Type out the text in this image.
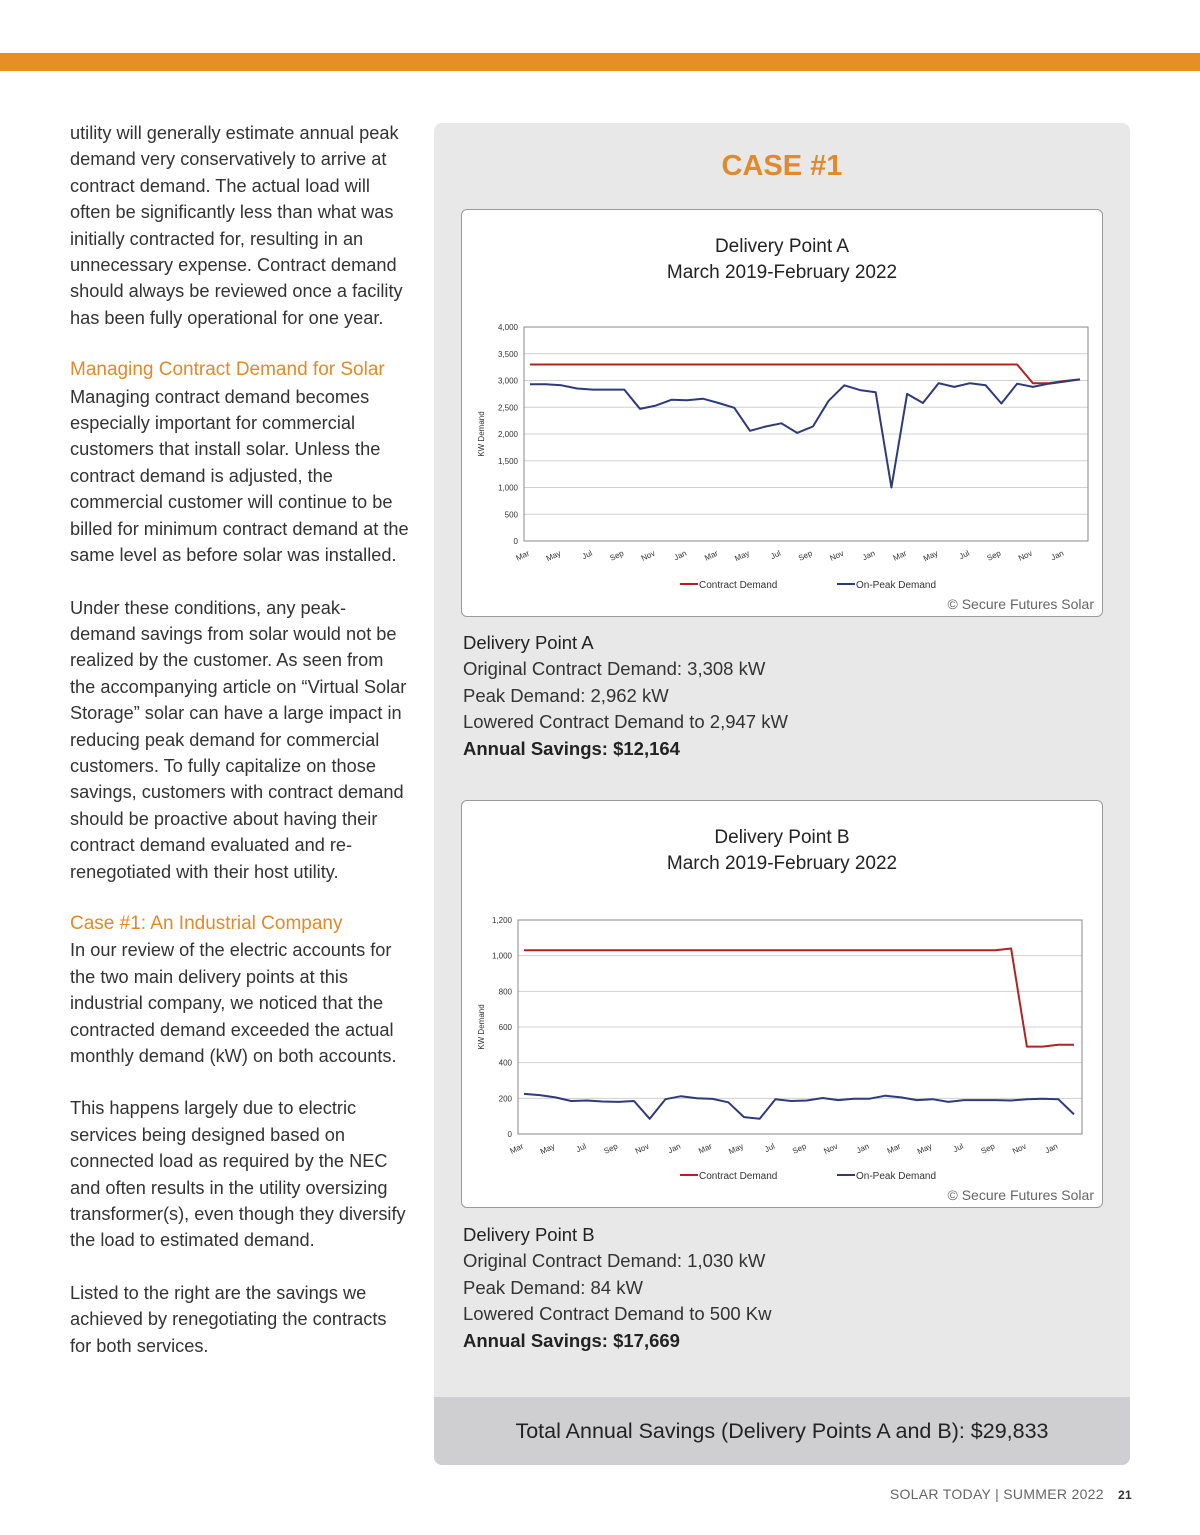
utility will generally estimate annual peak demand very conservatively to arrive at contract demand. The actual load will often be significantly less than what was initially contracted for, resulting in an unnecessary expense. Contract demand should always be reviewed once a facility has been fully operational for one year.

Managing Contract Demand for Solar

Managing contract demand becomes especially important for commercial customers that install solar. Unless the contract demand is adjusted, the commercial customer will continue to be billed for minimum contract demand at the same level as before solar was installed.

Under these conditions, any peak-demand savings from solar would not be realized by the customer. As seen from the accompanying article on “Virtual Solar Storage” solar can have a large impact in reducing peak demand for commercial customers. To fully capitalize on those savings, customers with contract demand should be proactive about having their contract demand evaluated and re-renegotiated with their host utility.

Case #1: An Industrial Company

In our review of the electric accounts for the two main delivery points at this industrial company, we noticed that the contracted demand exceeded the actual monthly demand (kW) on both accounts.

This happens largely due to electric services being designed based on connected load as required by the NEC and often results in the utility oversizing transformer(s), even though they diversify the load to estimated demand.

Listed to the right are the savings we achieved by renegotiating the contracts for both services.

CASE #1
Delivery Point A
March 2019-February 2022
0
500
1,000
1,500
2,000
2,500
3,000
3,500
4,000
KW Demand
Mar May Jul Sep Nov Jan Mar May Jul Sep Nov Jan Mar May Jul Sep Nov Jan
Contract Demand	On-Peak Demand
© Secure Futures Solar
Delivery Point B
March 2019-February 2022
0
200
400
600
800
1,000
1,200
KW Demand
Mar May Jul Sep Nov Jan Mar May Jul Sep Nov Jan Mar May Jul Sep Nov Jan
Contract Demand	On-Peak Demand
© Secure Futures Solar
Delivery Point A
Original Contract Demand: 3,308 kW
Peak Demand: 2,962 kW
Lowered Contract Demand to 2,947 kW
Annual Savings: $12,164
Delivery Point B
Original Contract Demand: 1,030 kW
Peak Demand: 84 kW
Lowered Contract Demand to 500 Kw
Annual Savings: $17,669
Total Annual Savings (Delivery Points A and B): $29,833
SOLAR TODAY | SUMMER 2022 21
